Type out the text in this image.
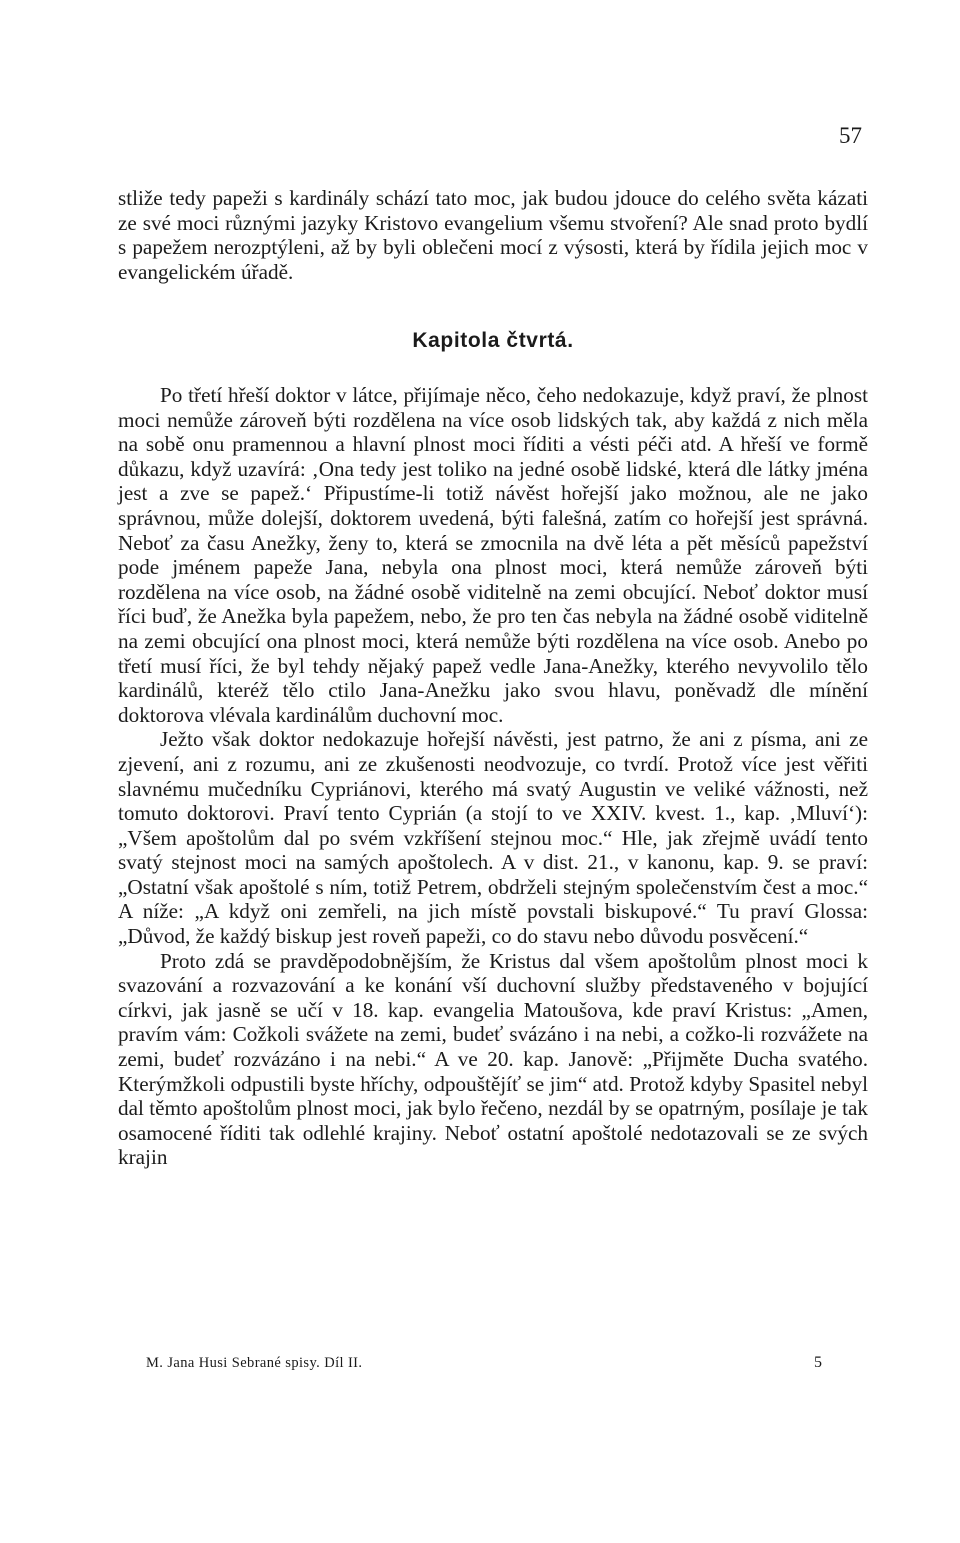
57

stliže tedy papeži s kardinály schází tato moc, jak budou jdouce do celého světa kázati ze své moci různými jazyky Kristovo evangelium všemu stvoření? Ale snad proto bydlí s papežem nerozptýleni, až by byli oblečeni mocí z výsosti, která by řídila jejich moc v evangelickém úřadě.

Kapitola čtvrtá.

Po třetí hřeší doktor v látce, přijímaje něco, čeho nedokazuje, když praví, že plnost moci nemůže zároveň býti rozdělena na více osob lidských tak, aby každá z nich měla na sobě onu pramennou a hlavní plnost moci říditi a vésti péči atd. A hřeší ve formě důkazu, když uzavírá: ‚Ona tedy jest toliko na jedné osobě lidské, která dle látky jména jest a zve se papež.‘ Připustíme-li totiž návěst hořejší jako možnou, ale ne jako správnou, může dolejší, doktorem uvedená, býti falešná, zatím co hořejší jest správná. Neboť za času Anežky, ženy to, která se zmocnila na dvě léta a pět měsíců papežství pode jménem papeže Jana, nebyla ona plnost moci, která nemůže zároveň býti rozdělena na více osob, na žádné osobě viditelně na zemi obcující. Neboť doktor musí říci buď, že Anežka byla papežem, nebo, že pro ten čas nebyla na žádné osobě viditelně na zemi obcující ona plnost moci, která nemůže býti rozdělena na více osob. Anebo po třetí musí říci, že byl tehdy nějaký papež vedle Jana-Anežky, kterého nevyvolilo tělo kardinálů, kteréž tělo ctilo Jana-Anežku jako svou hlavu, poněvadž dle mínění doktorova vlévala kardinálům duchovní moc.

Ježto však doktor nedokazuje hořejší návěsti, jest patrno, že ani z písma, ani ze zjevení, ani z rozumu, ani ze zkušenosti neodvozuje, co tvrdí. Protož více jest věřiti slavnému mučedníku Cypriánovi, kterého má svatý Augustin ve veliké vážnosti, než tomuto doktorovi. Praví tento Cyprián (a stojí to ve XXIV. kvest. 1., kap. ‚Mluví‘): „Všem apoštolům dal po svém vzkříšení stejnou moc.“ Hle, jak zřejmě uvádí tento svatý stejnost moci na samých apoštolech. A v dist. 21., v kanonu, kap. 9. se praví: „Ostatní však apoštolé s ním, totiž Petrem, obdrželi stejným společenstvím čest a moc.“ A níže: „A když oni zemřeli, na jich místě povstali biskupové.“ Tu praví Glossa: „Důvod, že každý biskup jest roveň papeži, co do stavu nebo důvodu posvěcení.“

Proto zdá se pravděpodobnějším, že Kristus dal všem apoštolům plnost moci k svazování a rozvazování a ke konání vší duchovní služby představeného v bojující církvi, jak jasně se učí v 18. kap. evangelia Matoušova, kde praví Kristus: „Amen, pravím vám: Cožkoli svážete na zemi, budeť svázáno i na nebi, a cožko-li rozvážete na zemi, budeť rozvázáno i na nebi.“ A ve 20. kap. Janově: „Přijměte Ducha svatého. Kterýmžkoli odpustili byste hříchy, odpouštějíť se jim“ atd. Protož kdyby Spasitel nebyl dal těmto apoštolům plnost moci, jak bylo řečeno, nezdál by se opatrným, posílaje je tak osamocené říditi tak odlehlé krajiny. Neboť ostatní apoštolé nedotazovali se ze svých krajin

M. Jana Husi Sebrané spisy. Díl II.	5
